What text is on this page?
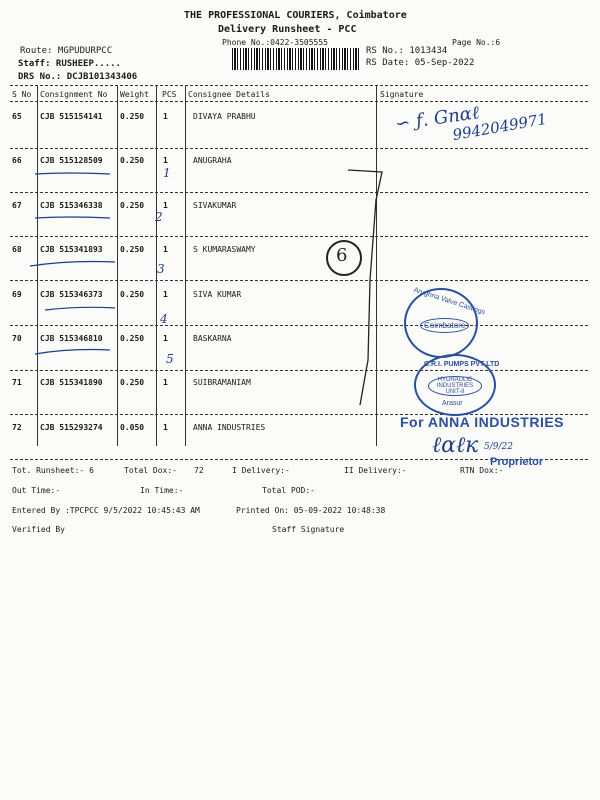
THE PROFESSIONAL COURIERS, Coimbatore
Delivery Runsheet - PCC
Phone No.:0422-3505555	Page No.:6
Route: MGPUDURPCC
Staff: RUSHEEP.....
DRS No.: DCJB101343406
RS No.: 1013434
RS Date: 05-Sep-2022
S No Consignment No Weight PCS Consignee Details	Signature
65 CJB 515154141 0.250 1	DIVAYA PRABHU
66 CJB 515128509 0.250 1	ANUGRAHA
67 CJB 515346338 0.250 1	SIVAKUMAR
68 CJB 515341893 0.250 1	S KUMARASWAMY
69 CJB 515346373 0.250 1	SIVA KUMAR
70 CJB 515346810 0.250 1	BASKARNA
71 CJB 515341890 0.250 1	SUIBRAMANIAM
72 CJB 515293274 0.050 1	ANNA INDUSTRIES
∽ ƒ. Gnαℓ
9942049971
1
2
3
4
5
6
Arughna Valve Castings
Coimbatore
C.R.I. PUMPS PVT LTD
HYDRAULIC INDUSTRIES UNIT-II
Arasur
For ANNA INDUSTRIES
ℓαℓк 5/9/22
Proprietor
Tot. Runsheet:- 6	Total Dox:- 72	I Delivery:-	II Delivery:-	RTN Dox:-
Out Time:-	In Time:-	Total POD:-
Entered By :TPCPCC 9/5/2022 10:45:43 AM	Printed On: 05-09-2022 10:48:38
Verified By	Staff Signature
